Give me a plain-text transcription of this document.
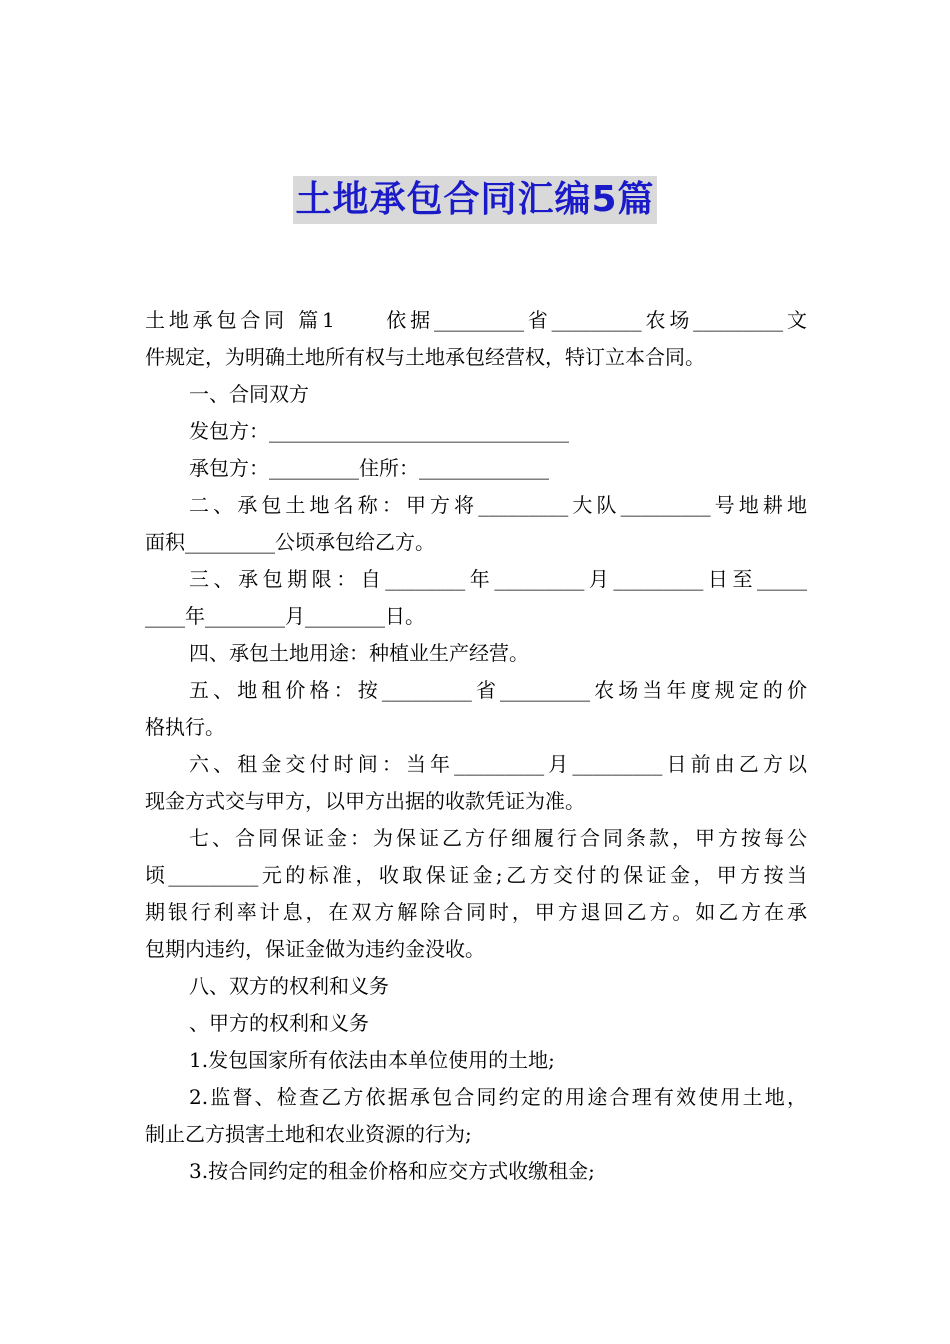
土地承包合同汇编5篇
土地承包合同 篇1　　依据_________省_________农场_________文
件规定，为明确土地所有权与土地承包经营权，特订立本合同。
一、合同双方
发包方：______________________________
承包方：_________住所：_____________
二、承包土地名称：甲方将_________大队_________号地耕地
面积_________公顷承包给乙方。
三、承包期限：自________年_________月_________日至_____
____年________月________日。
四、承包土地用途：种植业生产经营。
五、地租价格：按_________省_________农场当年度规定的价
格执行。
六、租金交付时间：当年_________月_________日前由乙方以
现金方式交与甲方，以甲方出据的收款凭证为准。
七、合同保证金：为保证乙方仔细履行合同条款，甲方按每公
顷_________元的标准，收取保证金;乙方交付的保证金，甲方按当
期银行利率计息，在双方解除合同时，甲方退回乙方。如乙方在承
包期内违约，保证金做为违约金没收。
八、双方的权利和义务
、甲方的权利和义务
1.发包国家所有依法由本单位使用的土地;
2.监督、检查乙方依据承包合同约定的用途合理有效使用土地，
制止乙方损害土地和农业资源的行为;
3.按合同约定的租金价格和应交方式收缴租金;
